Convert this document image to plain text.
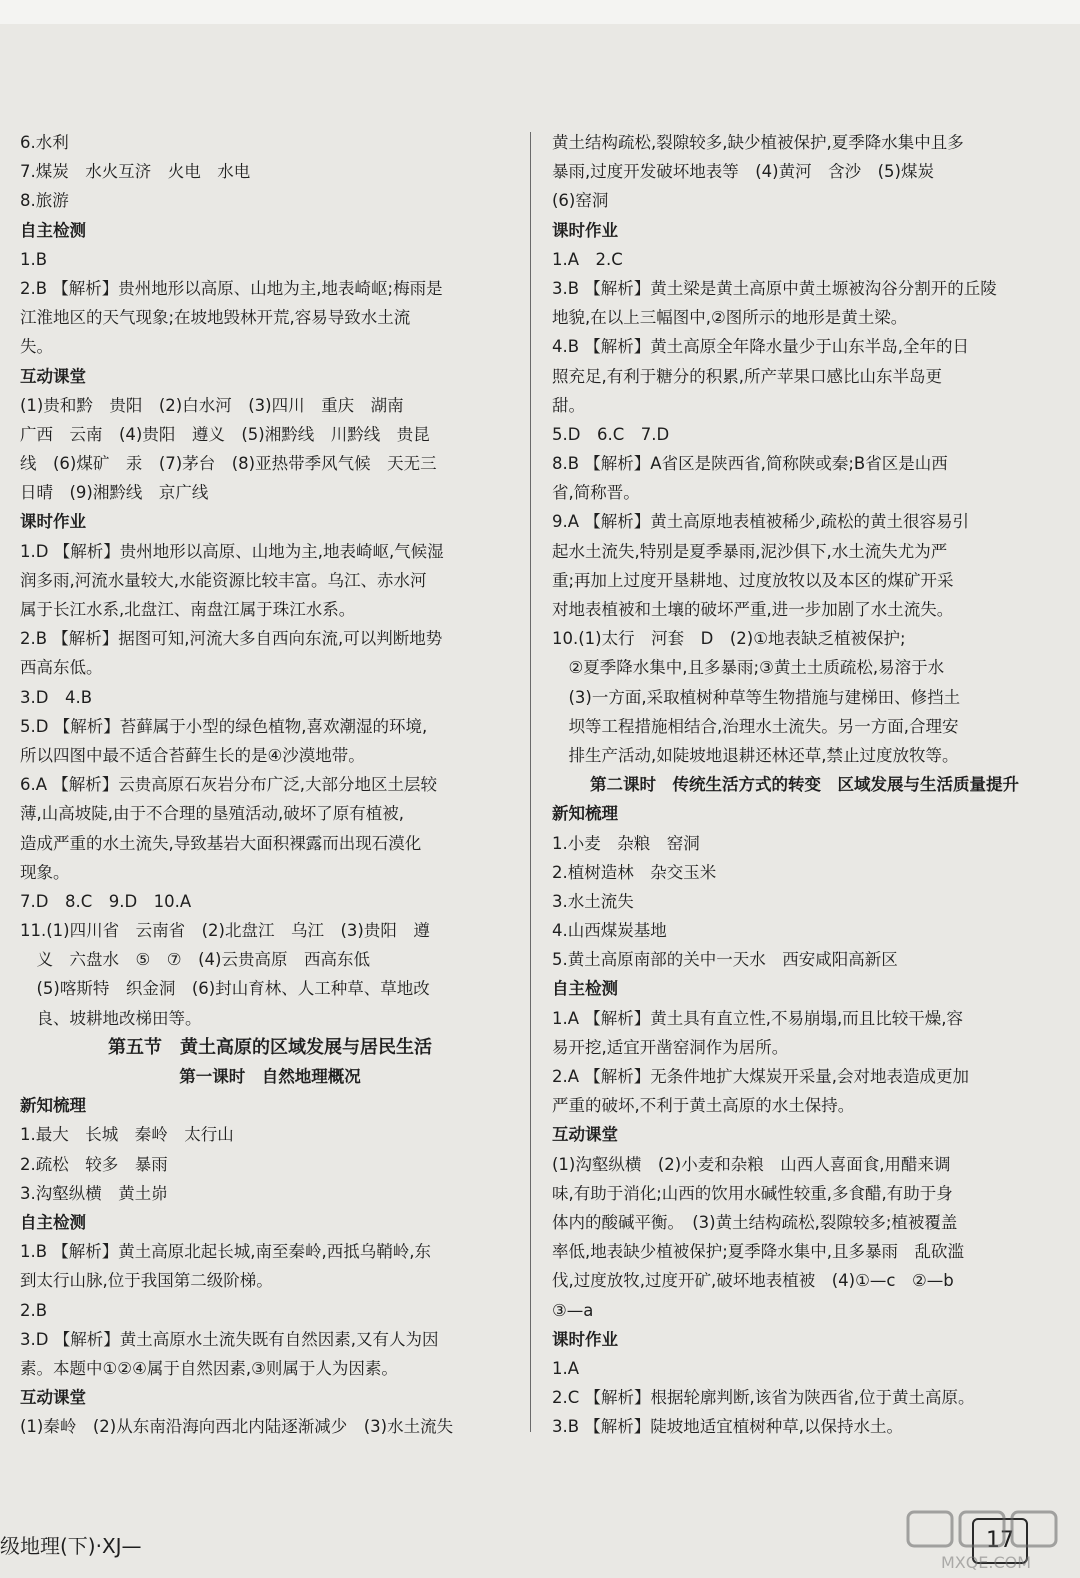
6.水利
7.煤炭　水火互济　火电　水电
8.旅游
自主检测
1.B
2.B 【解析】贵州地形以高原、山地为主,地表崎岖;梅雨是
江淮地区的天气现象;在坡地毁林开荒,容易导致水土流
失。
互动课堂
(1)贵和黔　贵阳　(2)白水河　(3)四川　重庆　湖南
广西　云南　(4)贵阳　遵义　(5)湘黔线　川黔线　贵昆
线　(6)煤矿　汞　(7)茅台　(8)亚热带季风气候　天无三
日晴　(9)湘黔线　京广线
课时作业
1.D 【解析】贵州地形以高原、山地为主,地表崎岖,气候湿
润多雨,河流水量较大,水能资源比较丰富。乌江、赤水河
属于长江水系,北盘江、南盘江属于珠江水系。
2.B 【解析】据图可知,河流大多自西向东流,可以判断地势
西高东低。
3.D　4.B
5.D 【解析】苔藓属于小型的绿色植物,喜欢潮湿的环境,
所以四图中最不适合苔藓生长的是④沙漠地带。
6.A 【解析】云贵高原石灰岩分布广泛,大部分地区土层较
薄,山高坡陡,由于不合理的垦殖活动,破坏了原有植被,
造成严重的水土流失,导致基岩大面积裸露而出现石漠化
现象。
7.D　8.C　9.D　10.A
11.(1)四川省　云南省　(2)北盘江　乌江　(3)贵阳　遵
　义　六盘水　⑤　⑦　(4)云贵高原　西高东低
　(5)喀斯特　织金洞　(6)封山育林、人工种草、草地改
　良、坡耕地改梯田等。
第五节　黄土高原的区域发展与居民生活
第一课时　自然地理概况
新知梳理
1.最大　长城　秦岭　太行山
2.疏松　较多　暴雨
3.沟壑纵横　黄土峁
自主检测
1.B 【解析】黄土高原北起长城,南至秦岭,西抵乌鞘岭,东
到太行山脉,位于我国第二级阶梯。
2.B
3.D 【解析】黄土高原水土流失既有自然因素,又有人为因
素。本题中①②④属于自然因素,③则属于人为因素。
互动课堂
(1)秦岭　(2)从东南沿海向西北内陆逐渐减少　(3)水土流失
黄土结构疏松,裂隙较多,缺少植被保护,夏季降水集中且多
暴雨,过度开发破坏地表等　(4)黄河　含沙　(5)煤炭
(6)窑洞
课时作业
1.A　2.C
3.B 【解析】黄土梁是黄土高原中黄土塬被沟谷分割开的丘陵
地貌,在以上三幅图中,②图所示的地形是黄土梁。
4.B 【解析】黄土高原全年降水量少于山东半岛,全年的日
照充足,有利于糖分的积累,所产苹果口感比山东半岛更
甜。
5.D　6.C　7.D
8.B 【解析】A省区是陕西省,简称陕或秦;B省区是山西
省,简称晋。
9.A 【解析】黄土高原地表植被稀少,疏松的黄土很容易引
起水土流失,特别是夏季暴雨,泥沙俱下,水土流失尤为严
重;再加上过度开垦耕地、过度放牧以及本区的煤矿开采
对地表植被和土壤的破坏严重,进一步加剧了水土流失。
10.(1)太行　河套　D　(2)①地表缺乏植被保护;
　②夏季降水集中,且多暴雨;③黄土土质疏松,易溶于水
　(3)一方面,采取植树种草等生物措施与建梯田、修挡土
　坝等工程措施相结合,治理水土流失。另一方面,合理安
　排生产活动,如陡坡地退耕还林还草,禁止过度放牧等。
第二课时　传统生活方式的转变　区域发展与生活质量提升
新知梳理
1.小麦　杂粮　窑洞
2.植树造林　杂交玉米
3.水土流失
4.山西煤炭基地
5.黄土高原南部的关中一天水　西安咸阳高新区
自主检测
1.A 【解析】黄土具有直立性,不易崩塌,而且比较干燥,容
易开挖,适宜开凿窑洞作为居所。
2.A 【解析】无条件地扩大煤炭开采量,会对地表造成更加
严重的破坏,不利于黄土高原的水土保持。
互动课堂
(1)沟壑纵横　(2)小麦和杂粮　山西人喜面食,用醋来调
味,有助于消化;山西的饮用水碱性较重,多食醋,有助于身
体内的酸碱平衡。　(3)黄土结构疏松,裂隙较多;植被覆盖
率低,地表缺少植被保护;夏季降水集中,且多暴雨　乱砍滥
伐,过度放牧,过度开矿,破坏地表植被　(4)①—c　②—b
③—a
课时作业
1.A
2.C 【解析】根据轮廓判断,该省为陕西省,位于黄土高原。
3.B 【解析】陡坡地适宜植树种草,以保持水土。
级地理(下)·XJ—	17
MXQE.COM
